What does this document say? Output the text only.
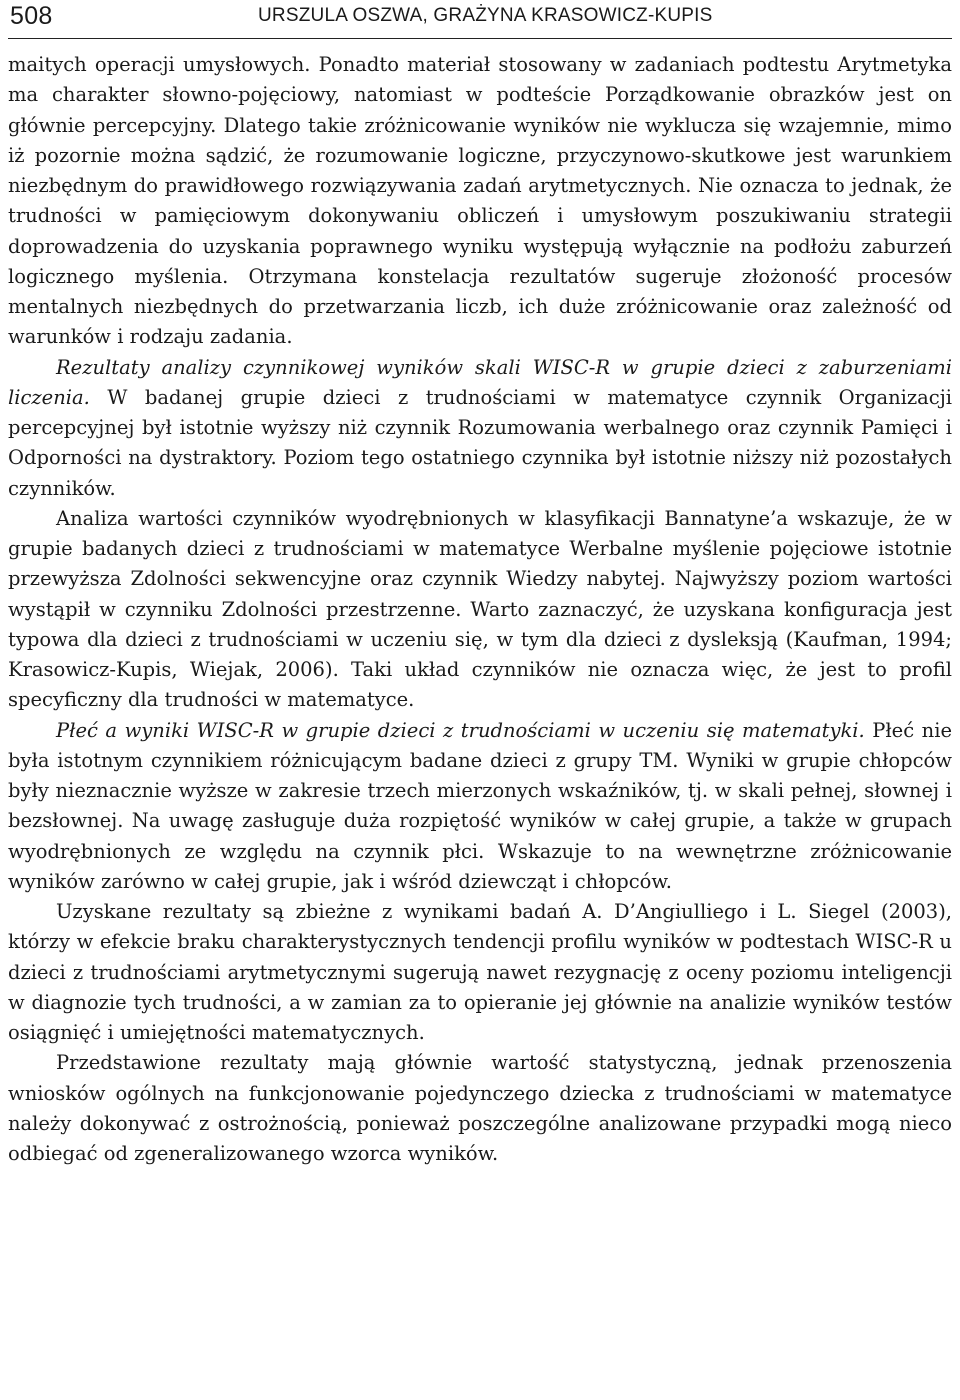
508	URSZULA OSZWA, GRAŻYNA KRASOWICZ-KUPIS

maitych operacji umysłowych. Ponadto materiał stosowany w zadaniach podtestu Arytmetyka ma charakter słowno-pojęciowy, natomiast w podteście Porządkowanie obrazków jest on głównie percepcyjny. Dlatego takie zróżnicowanie wyników nie wyklucza się wzajemnie, mimo iż pozornie można sądzić, że rozumowanie logiczne, przyczynowo-skutkowe jest warunkiem niezbędnym do prawidłowego rozwiązywania zadań arytmetycznych. Nie oznacza to jednak, że trudności w pamięciowym dokonywaniu obliczeń i umysłowym poszukiwaniu strategii doprowadzenia do uzyskania poprawnego wyniku występują wyłącznie na podłożu zaburzeń logicznego myślenia. Otrzymana konstelacja rezultatów sugeruje złożoność procesów mentalnych niezbędnych do przetwarzania liczb, ich duże zróżnicowanie oraz zależność od warunków i rodzaju zadania.

Rezultaty analizy czynnikowej wyników skali WISC-R w grupie dzieci z zaburzeniami liczenia. W badanej grupie dzieci z trudnościami w matematyce czynnik Organizacji percepcyjnej był istotnie wyższy niż czynnik Rozumowania werbalnego oraz czynnik Pamięci i Odporności na dystraktory. Poziom tego ostatniego czynnika był istotnie niższy niż pozostałych czynników.

Analiza wartości czynników wyodrębnionych w klasyfikacji Bannatyne’a wskazuje, że w grupie badanych dzieci z trudnościami w matematyce Werbalne myślenie pojęciowe istotnie przewyższa Zdolności sekwencyjne oraz czynnik Wiedzy nabytej. Najwyższy poziom wartości wystąpił w czynniku Zdolności przestrzenne. Warto zaznaczyć, że uzyskana konfiguracja jest typowa dla dzieci z trudnościami w uczeniu się, w tym dla dzieci z dysleksją (Kaufman, 1994; Krasowicz-Kupis, Wiejak, 2006). Taki układ czynników nie oznacza więc, że jest to profil specyficzny dla trudności w matematyce.

Płeć a wyniki WISC-R w grupie dzieci z trudnościami w uczeniu się matematyki. Płeć nie była istotnym czynnikiem różnicującym badane dzieci z grupy TM. Wyniki w grupie chłopców były nieznacznie wyższe w zakresie trzech mierzonych wskaźników, tj. w skali pełnej, słownej i bezsłownej. Na uwagę zasługuje duża rozpiętość wyników w całej grupie, a także w grupach wyodrębnionych ze względu na czynnik płci. Wskazuje to na wewnętrzne zróżnicowanie wyników zarówno w całej grupie, jak i wśród dziewcząt i chłopców.

Uzyskane rezultaty są zbieżne z wynikami badań A. D’Angiulliego i L. Siegel (2003), którzy w efekcie braku charakterystycznych tendencji profilu wyników w podtestach WISC-R u dzieci z trudnościami arytmetycznymi sugerują nawet rezygnację z oceny poziomu inteligencji w diagnozie tych trudności, a w zamian za to opieranie jej głównie na analizie wyników testów osiągnięć i umiejętności matematycznych.

Przedstawione rezultaty mają głównie wartość statystyczną, jednak przenoszenia wniosków ogólnych na funkcjonowanie pojedynczego dziecka z trudnościami w matematyce należy dokonywać z ostrożnością, ponieważ poszczególne analizowane przypadki mogą nieco odbiegać od zgeneralizowanego wzorca wyników.
